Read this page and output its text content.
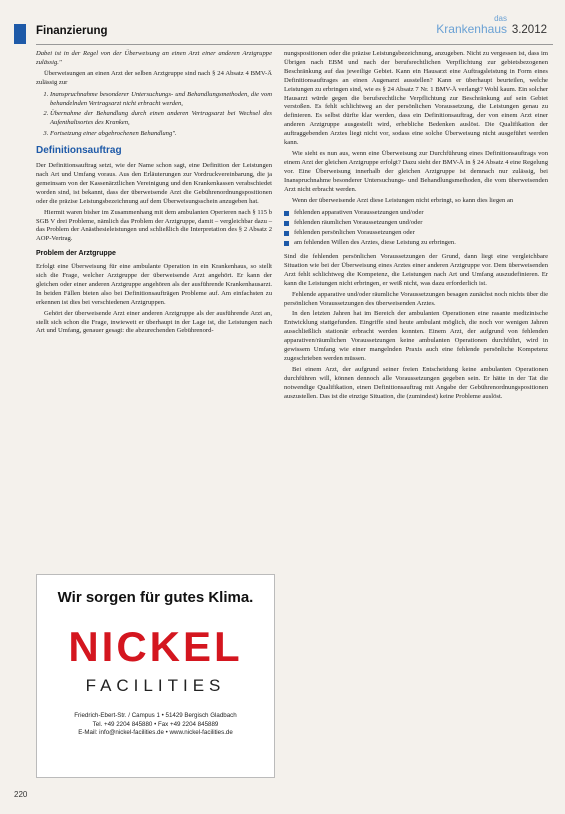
Finanzierung
das
Krankenhaus 3.2012

Dabei ist in der Regel von der Überweisung an einen Arzt einer anderen Arztgruppe zulässig."

Überweisungen an einen Arzt der selben Arztgruppe sind nach § 24 Absatz 4 BMV-Ä zulässig zur

1. Inanspruchnahme besonderer Untersuchungs- und Behandlungsmethoden, die vom behandelnden Vertragsarzt nicht erbracht werden,
2. Übernahme der Behandlung durch einen anderen Vertragsarzt bei Wechsel des Aufenthaltsortes des Kranken,
3. Fortsetzung einer abgebrochenen Behandlung".
Definitionsauftrag

Der Definitionsauftrag setzt, wie der Name schon sagt, eine Definition der Leistungen nach Art und Umfang voraus. Aus den Erläuterungen zur Vordruckvereinbarung, die ja gemeinsam von der Kassenärztlichen Vereinigung und den Krankenkassen verabschiedet worden sind, ist bekannt, dass der überweisende Arzt die Gebührenordnungspositionen oder die präzise Leistungsbezeichnung auf dem Überweisungsschein anzugeben hat.

Hiermit waren bisher im Zusammenhang mit dem ambulanten Operieren nach § 115 b SGB V drei Probleme, nämlich das Problem der Arztgruppe, damit – vergleichbar dazu – das Problem der Anästhesieleistungen und schließlich die Interpretation des § 2 Absatz 2 AOP-Vertrag.

Problem der Arztgruppe

Erfolgt eine Überweisung für eine ambulante Operation in ein Krankenhaus, so stellt sich die Frage, welcher Arztgruppe der überweisende Arzt angehört. Er kann der gleichen oder einer anderen Arztgruppe angehören als der ausführende Krankenhausarzt. In beiden Fällen bieten also bei Definitionsaufträgen Probleme auf. Am einfachsten zu erkennen ist dies bei verschiedenen Arztgruppen.

Gehört der überweisende Arzt einer anderen Arztgruppe als der ausführende Arzt an, stellt sich schon die Frage, inwieweit er überhaupt in der Lage ist, die Leistungen nach Art und Umfang, genauer gesagt: die abzurechenden Gebührenord-

nungspositionen oder die präzise Leistungsbezeichnung, anzugeben. Nicht zu vergessen ist, dass im Übrigen nach EBM und nach der berufsrechtlichen Verpflichtung zur gebietsbezogenen Beschränkung auf das jeweilige Gebiet. Kann ein Hausarzt eine Auftragsleistung in Form eines Definitionsauftrages an einen Augenarzt ausstellen? Kann er überhaupt beurteilen, welche Leistungen zu erbringen sind, wie es § 24 Absatz 7 Nr. 1 BMV-Ä verlangt? Wohl kaum. Ein solcher Hausarzt würde gegen die berufsrechtliche Verpflichtung zur Beschränkung auf sein Gebiet verstoßen. Es fehlt schlichtweg an der persönlichen Voraussetzung, die Leistungen genau zu definieren. Es selbst dürfte klar werden, dass ein Definitionsauftrag, der von einem Arzt einer anderen Arztgruppe ausgestellt wird, erhebliche Bedenken auslöst. Die Qualifikation der auftraggebenden Arztes liegt nicht vor, sodass eine solche Überweisung nicht ausgeführt werden kann.

Wie sieht es nun aus, wenn eine Überweisung zur Durchführung eines Definitionsauftrags von einem Arzt der gleichen Arztgruppe erfolgt? Dazu sieht der BMV-Ä in § 24 Absatz 4 eine Regelung vor. Eine Überweisung innerhalb der gleichen Arztgruppe ist demnach nur zulässig, bei Inanspruchnahme besonderer Untersuchungs- und Behandlungsmethoden, die vom überweisenden Arzt nicht erbracht werden.

Wenn der überweisende Arzt diese Leistungen nicht erbringt, so kann dies liegen an

fehlenden apparativen Voraussetzungen und/oder
fehlenden räumlichen Voraussetzungen und/oder
fehlenden persönlichen Voraussetzungen oder
am fehlenden Willen des Arztes, diese Leistung zu erbringen.

Sind die fehlenden persönlichen Voraussetzungen der Grund, dann liegt eine vergleichbare Situation wie bei der Überweisung eines Arztes einer anderen Arztgruppe vor. Dem überweisenden Arzt fehlt schlichtweg die Kompetenz, die Leistungen nach Art und Umfang auszudefinieren. Er kann die Leistungen nicht erbringen, er weiß nicht, was dazu erforderlich ist.

Fehlende apparative und/oder räumliche Voraussetzungen besagen zunächst noch nichts über die persönlichen Voraussetzungen des überweisenden Arztes.

In den letzten Jahren hat im Bereich der ambulanten Operationen eine rasante medizinische Entwicklung stattgefunden. Eingriffe sind heute ambulant möglich, die noch vor wenigen Jahren ausschließlich stationär erbracht werden konnten. Einem Arzt, der aufgrund von fehlenden apparativen/räumlichen Voraussetzungen keine ambulanten Operationen durchführt, wird in gewissem Umfang wie einer mangelnden Praxis auch eine fehlende persönliche Kompetenz zugeschrieben werden müssen.

Bei einem Arzt, der aufgrund seiner freien Entscheidung keine ambulanten Operationen durchführen will, können dennoch alle Voraussetzungen gegeben sein. Er hätte in der Tat die notwendige Qualifikation, einen Definitionsauftrag mit Angabe der Gebührenordnungspositionen auszustellen. Das ist die einzige Situation, die (zumindest) keine Probleme auslöst.

Wir sorgen für gutes Klima.
NICKEL
FACILITIES
Friedrich-Ebert-Str. / Campus 1 • 51429 Bergisch Gladbach
Tel. +49 2204 845880 • Fax +49 2204 845889
E-Mail: info@nickel-facilities.de • www.nickel-facilities.de
220
